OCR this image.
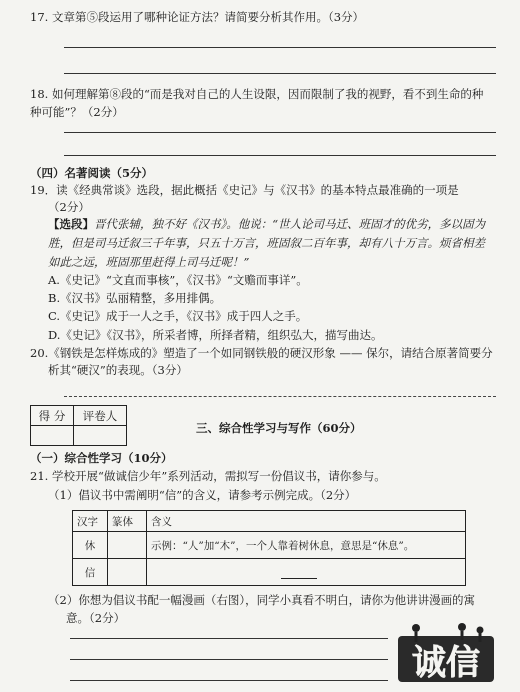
17. 文章第⑤段运用了哪种论证方法？请简要分析其作用。（3分）
18. 如何理解第⑧段的“而是我对自己的人生设限，因而限制了我的视野，看不到生命的种
种可能”？（2分）
（四）名著阅读（5分）
19．读《经典常谈》选段，据此概括《史记》与《汉书》的基本特点最准确的一项是
（2分）
【选段】晋代张辅，独不好《汉书》。他说：“世人论司马迁、班固才的优劣，多以固为
胜，但是司马迁叙三千年事，只五十万言，班固叙二百年事，却有八十万言。烦省相差
如此之远，班固那里赶得上司马迁呢！”
A.《史记》“文直而事核”，《汉书》“文赡而事详”。
B.《汉书》弘丽精整，多用排偶。
C.《史记》成于一人之手，《汉书》成于四人之手。
D.《史记》《汉书》，所采者博，所择者精，组织弘大，描写曲达。
20.《钢铁是怎样炼成的》塑造了一个如同钢铁般的硬汉形象 —— 保尔，请结合原著简要分
析其“硬汉”的表现。（3分）
得 分	评卷人

三、综合性学习与写作（60分）
（一）综合性学习（10分）
21. 学校开展“做诚信少年”系列活动，需拟写一份倡议书，请你参与。
（1）倡议书中需阐明“信”的含义，请参考示例完成。（2分）
汉字	篆体	含义
休		示例：“人”加“木”，一个人靠着树休息，意思是“休息”。
信		
（2）你想为倡议书配一幅漫画（右图），同学小真看不明白，请你为他讲讲漫画的寓
意。（2分）
诚信
